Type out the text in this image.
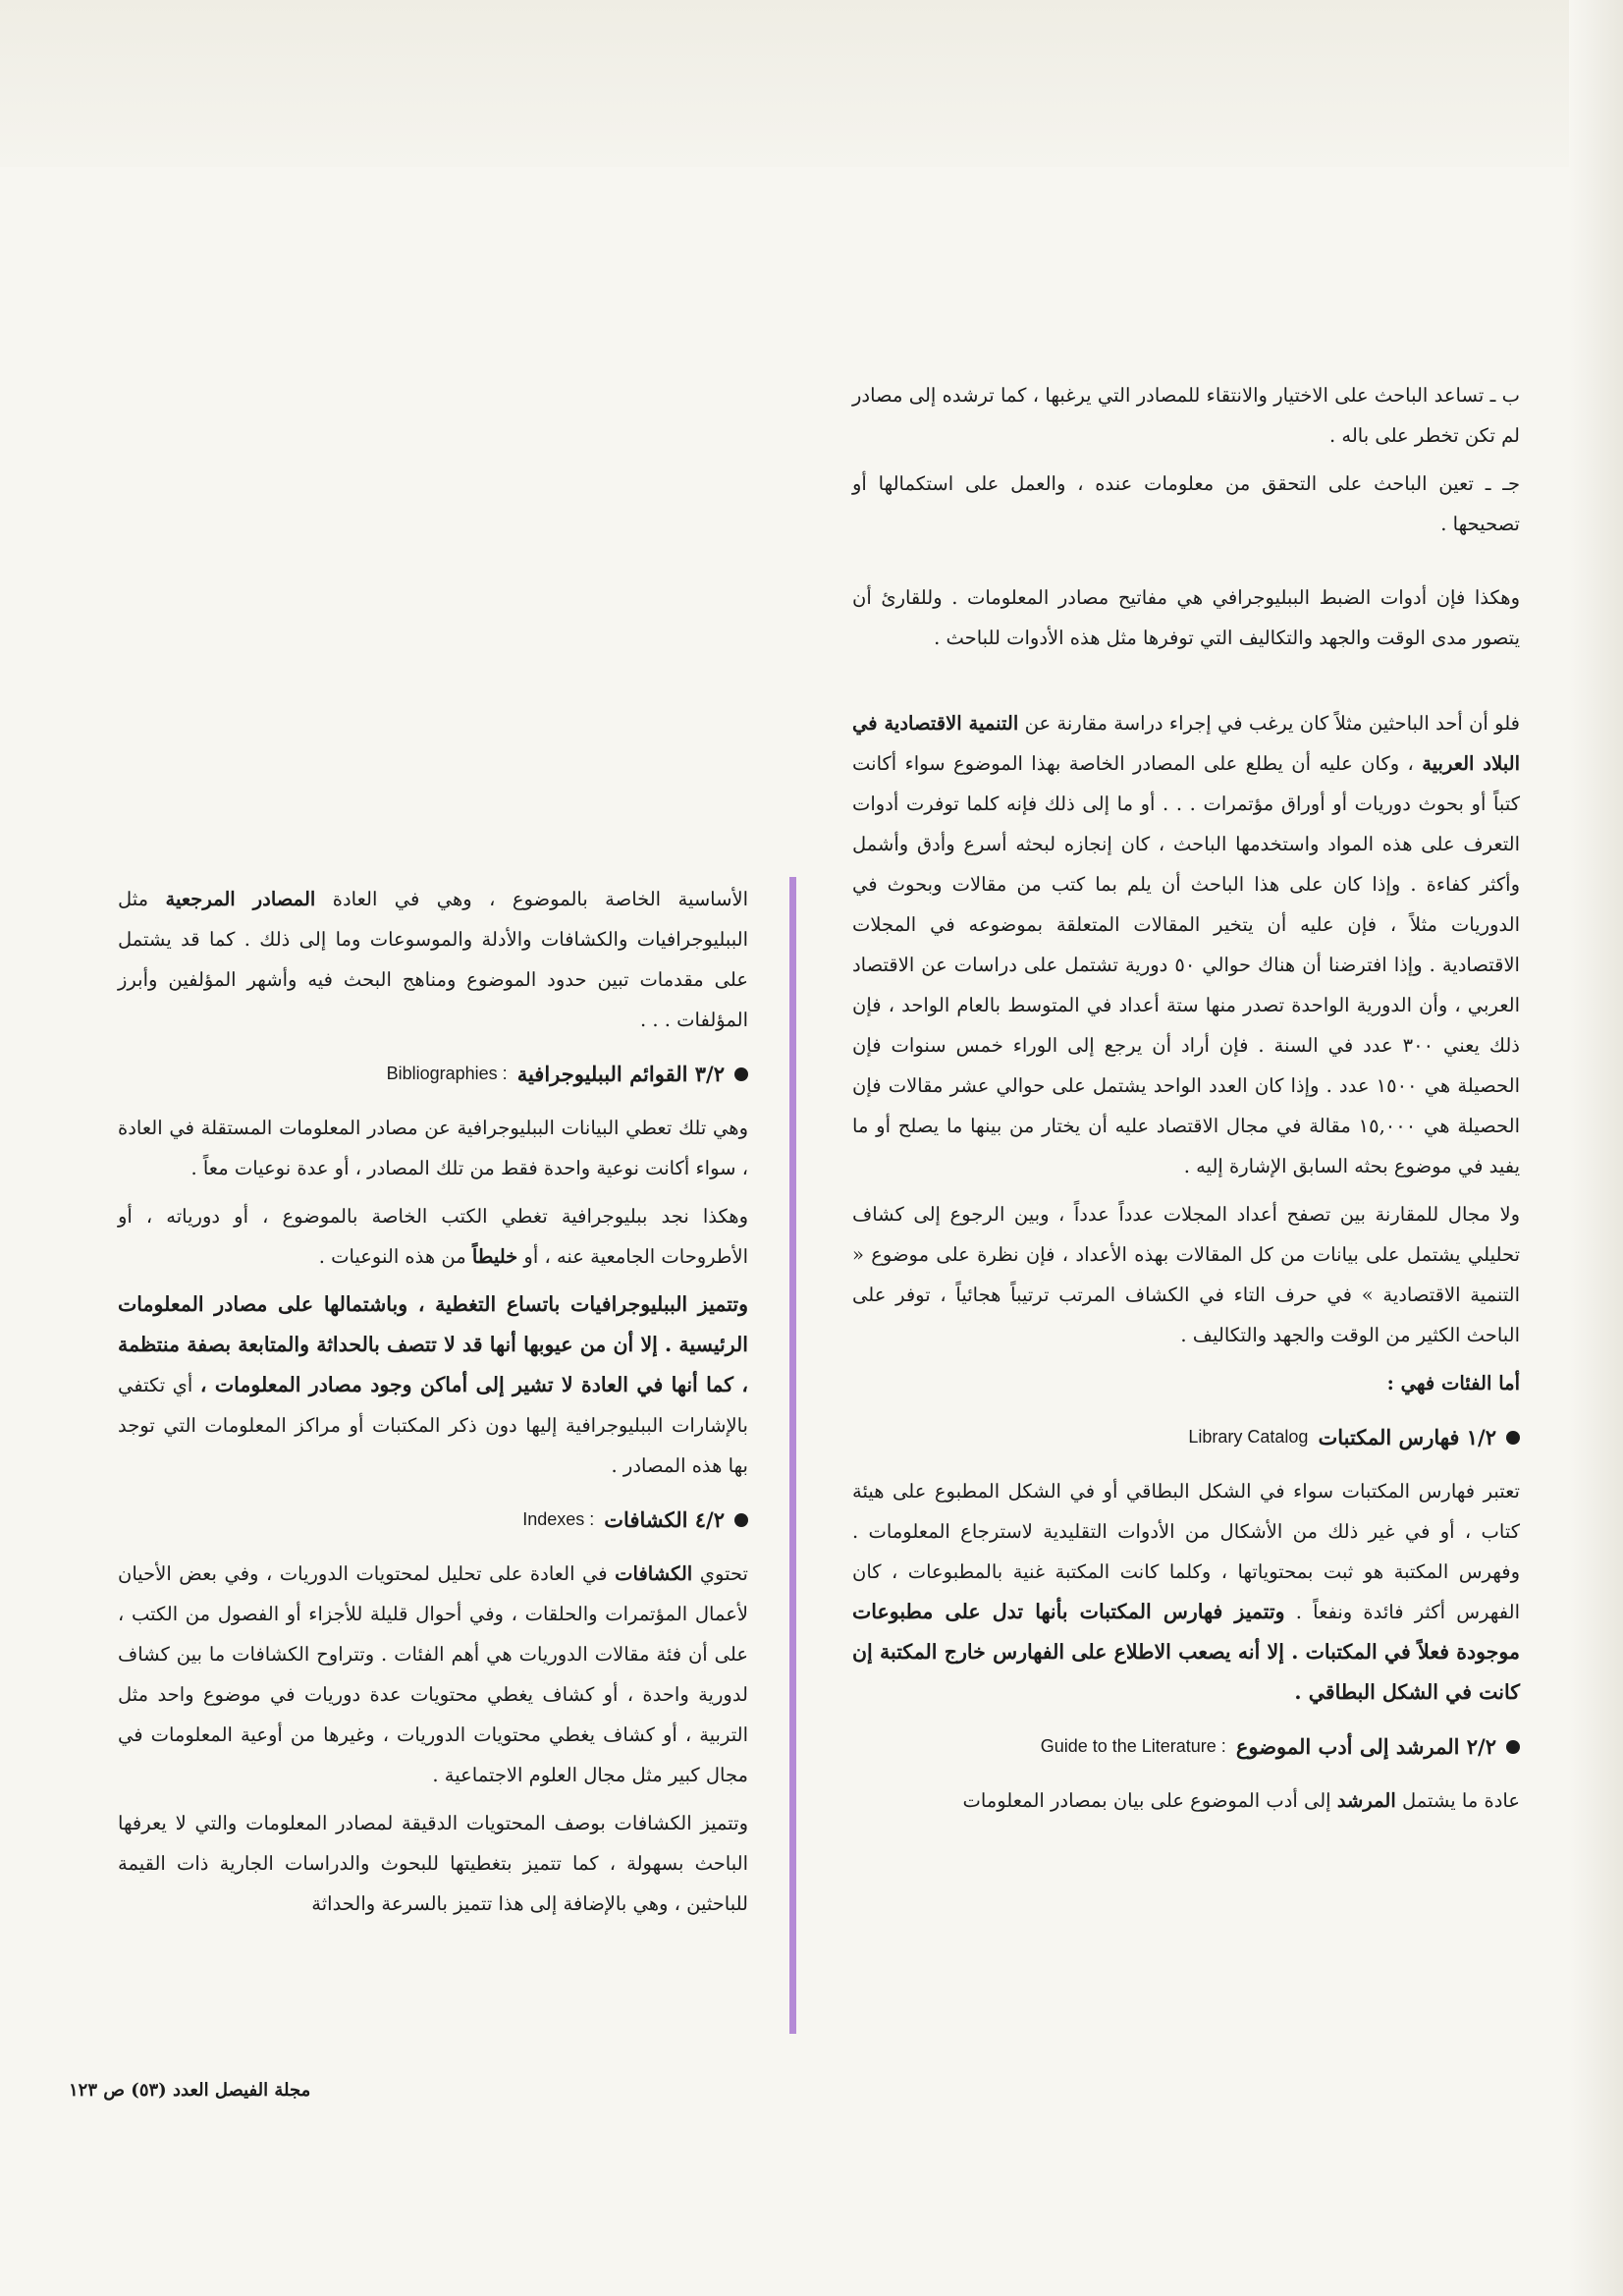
ب ـ تساعد الباحث على الاختيار والانتقاء للمصادر التي يرغبها ، كما ترشده إلى مصادر لم تكن تخطر على باله .

جـ ـ تعين الباحث على التحقق من معلومات عنده ، والعمل على استكمالها أو تصحيحها .

وهكذا فإن أدوات الضبط الببليوجرافي هي مفاتيح مصادر المعلومات . وللقارئ أن يتصور مدى الوقت والجهد والتكاليف التي توفرها مثل هذه الأدوات للباحث .

فلو أن أحد الباحثين مثلاً كان يرغب في إجراء دراسة مقارنة عن التنمية الاقتصادية في البلاد العربية ، وكان عليه أن يطلع على المصادر الخاصة بهذا الموضوع سواء أكانت كتباً أو بحوث دوريات أو أوراق مؤتمرات . . . أو ما إلى ذلك فإنه كلما توفرت أدوات التعرف على هذه المواد واستخدمها الباحث ، كان إنجازه لبحثه أسرع وأدق وأشمل وأكثر كفاءة . وإذا كان على هذا الباحث أن يلم بما كتب من مقالات وبحوث في الدوريات مثلاً ، فإن عليه أن يتخير المقالات المتعلقة بموضوعه في المجلات الاقتصادية . وإذا افترضنا أن هناك حوالي ٥٠ دورية تشتمل على دراسات عن الاقتصاد العربي ، وأن الدورية الواحدة تصدر منها ستة أعداد في المتوسط بالعام الواحد ، فإن ذلك يعني ٣٠٠ عدد في السنة . فإن أراد أن يرجع إلى الوراء خمس سنوات فإن الحصيلة هي ١٥٠٠ عدد . وإذا كان العدد الواحد يشتمل على حوالي عشر مقالات فإن الحصيلة هي ١٥,٠٠٠ مقالة في مجال الاقتصاد عليه أن يختار من بينها ما يصلح أو ما يفيد في موضوع بحثه السابق الإشارة إليه .

ولا مجال للمقارنة بين تصفح أعداد المجلات عدداً عدداً ، وبين الرجوع إلى كشاف تحليلي يشتمل على بيانات من كل المقالات بهذه الأعداد ، فإن نظرة على موضوع « التنمية الاقتصادية » في حرف التاء في الكشاف المرتب ترتيباً هجائياً ، توفر على الباحث الكثير من الوقت والجهد والتكاليف .

أما الفئات فهي :

١/٢ فهارس المكتبات
Library Catalog

تعتبر فهارس المكتبات سواء في الشكل البطاقي أو في الشكل المطبوع على هيئة كتاب ، أو في غير ذلك من الأشكال من الأدوات التقليدية لاسترجاع المعلومات . وفهرس المكتبة هو ثبت بمحتوياتها ، وكلما كانت المكتبة غنية بالمطبوعات ، كان الفهرس أكثر فائدة ونفعاً . وتتميز فهارس المكتبات بأنها تدل على مطبوعات موجودة فعلاً في المكتبات . إلا أنه يصعب الاطلاع على الفهارس خارج المكتبة إن كانت في الشكل البطاقي .

٢/٢ المرشد إلى أدب الموضوع
Guide to the Literature :

عادة ما يشتمل المرشد إلى أدب الموضوع على بيان بمصادر المعلومات

الأساسية الخاصة بالموضوع ، وهي في العادة المصادر المرجعية مثل الببليوجرافيات والكشافات والأدلة والموسوعات وما إلى ذلك . كما قد يشتمل على مقدمات تبين حدود الموضوع ومناهج البحث فيه وأشهر المؤلفين وأبرز المؤلفات . . .

٣/٢ القوائم الببليوجرافية
Bibliographies :

وهي تلك تعطي البيانات الببليوجرافية عن مصادر المعلومات المستقلة في العادة ، سواء أكانت نوعية واحدة فقط من تلك المصادر ، أو عدة نوعيات معاً .

وهكذا نجد ببليوجرافية تغطي الكتب الخاصة بالموضوع ، أو دورياته ، أو الأطروحات الجامعية عنه ، أو خليطاً من هذه النوعيات .

وتتميز الببليوجرافيات باتساع التغطية ، وباشتمالها على مصادر المعلومات الرئيسية . إلا أن من عيوبها أنها قد لا تتصف بالحداثة والمتابعة بصفة منتظمة ، كما أنها في العادة لا تشير إلى أماكن وجود مصادر المعلومات ، أي تكتفي بالإشارات الببليوجرافية إليها دون ذكر المكتبات أو مراكز المعلومات التي توجد بها هذه المصادر .

٤/٢ الكشافات
Indexes :

تحتوي الكشافات في العادة على تحليل لمحتويات الدوريات ، وفي بعض الأحيان لأعمال المؤتمرات والحلقات ، وفي أحوال قليلة للأجزاء أو الفصول من الكتب ، على أن فئة مقالات الدوريات هي أهم الفئات . وتتراوح الكشافات ما بين كشاف لدورية واحدة ، أو كشاف يغطي محتويات عدة دوريات في موضوع واحد مثل التربية ، أو كشاف يغطي محتويات الدوريات ، وغيرها من أوعية المعلومات في مجال كبير مثل مجال العلوم الاجتماعية .

وتتميز الكشافات بوصف المحتويات الدقيقة لمصادر المعلومات والتي لا يعرفها الباحث بسهولة ، كما تتميز بتغطيتها للبحوث والدراسات الجارية ذات القيمة للباحثين ، وهي بالإضافة إلى هذا تتميز بالسرعة والحداثة

مجلة الفيصل العدد (٥٣) ص ١٢٣
